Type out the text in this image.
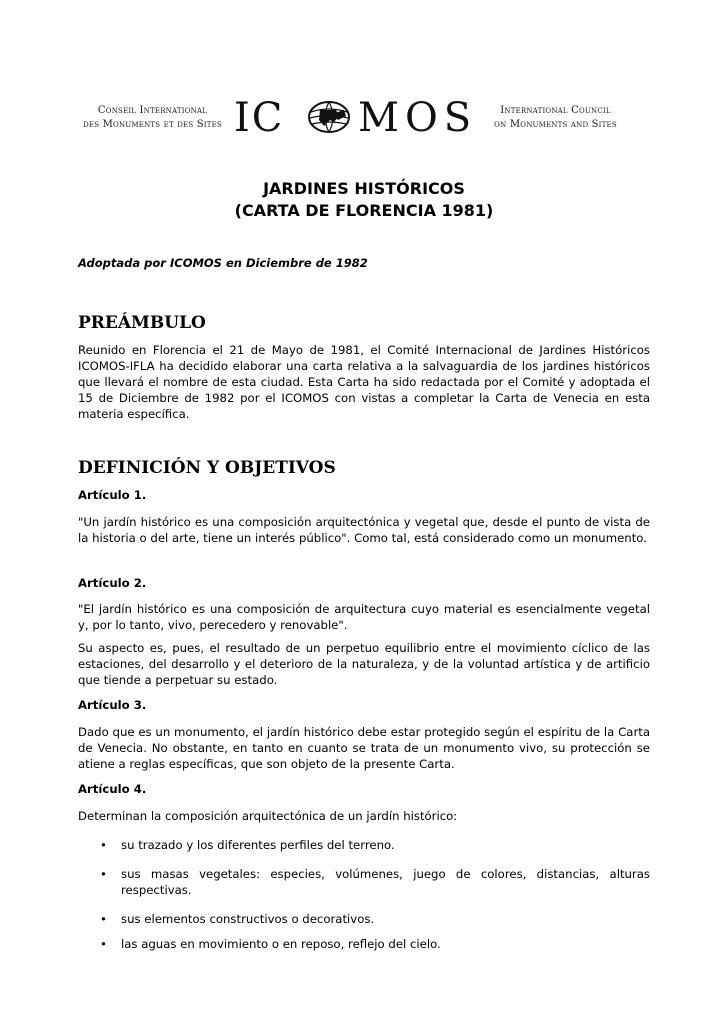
Conseil International
des Monuments et des Sites IC MOS	International Council
on Monuments and Sites
JARDINES HISTÓRICOS
(CARTA DE FLORENCIA 1981)
Adoptada por ICOMOS en Diciembre de 1982
PREÁMBULO
Reunido en Florencia el 21 de Mayo de 1981, el Comité Internacional de Jardines Históricos ICOMOS-IFLA ha decidido elaborar una carta relativa a la salvaguardia de los jardines históricos que llevará el nombre de esta ciudad. Esta Carta ha sido redactada por el Comité y adoptada el 15 de Diciembre de 1982 por el ICOMOS con vistas a completar la Carta de Venecia en esta materia específica.
DEFINICIÓN Y OBJETIVOS
Artículo 1.
"Un jardín histórico es una composición arquitectónica y vegetal que, desde el punto de vista de la historia o del arte, tiene un interés público". Como tal, está considerado como un monumento.
Artículo 2.
"El jardín histórico es una composición de arquitectura cuyo material es esencialmente vegetal y, por lo tanto, vivo, perecedero y renovable".
Su aspecto es, pues, el resultado de un perpetuo equilibrio entre el movimiento cíclico de las estaciones, del desarrollo y el deterioro de la naturaleza, y de la voluntad artística y de artificio que tiende a perpetuar su estado.
Artículo 3.
Dado que es un monumento, el jardín histórico debe estar protegido según el espíritu de la Carta de Venecia. No obstante, en tanto en cuanto se trata de un monumento vivo, su protección se atiene a reglas específicas, que son objeto de la presente Carta.
Artículo 4.
Determinan la composición arquitectónica de un jardín histórico:
• su trazado y los diferentes perfiles del terreno.
• sus masas vegetales: especies, volúmenes, juego de colores, distancias, alturas respectivas.
• sus elementos constructivos o decorativos.
• las aguas en movimiento o en reposo, reflejo del cielo.
